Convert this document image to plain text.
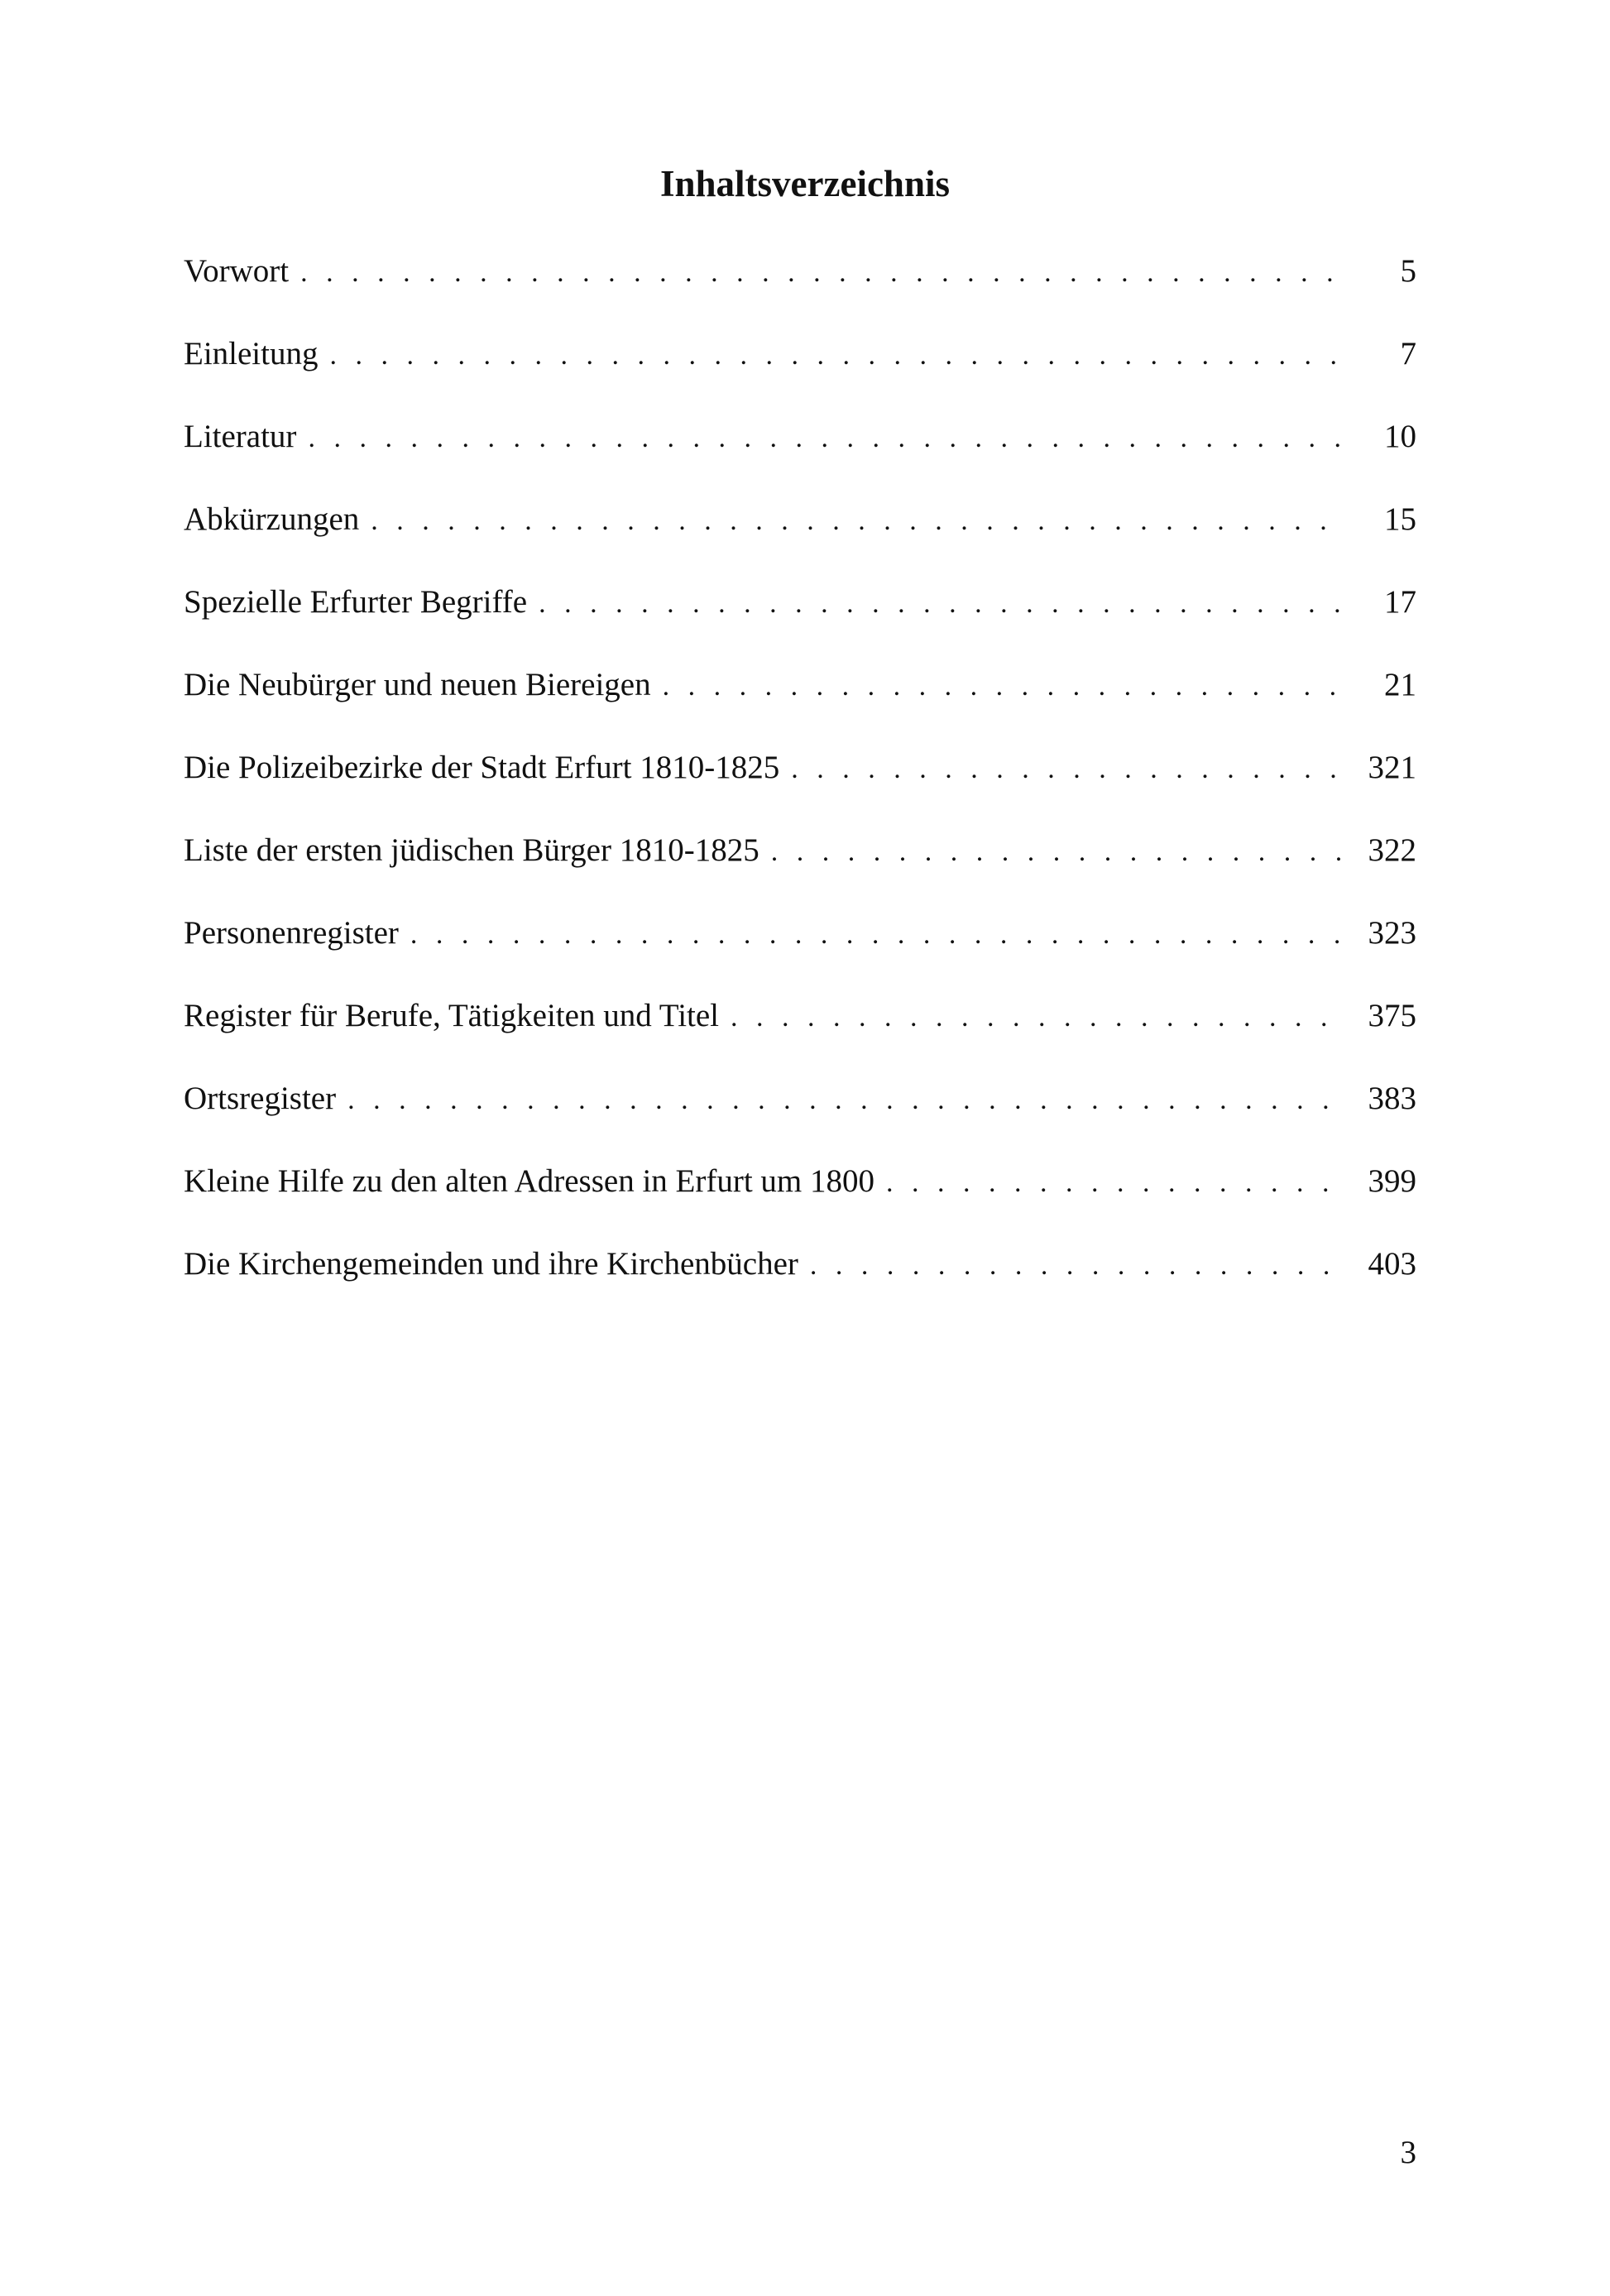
Inhaltsverzeichnis
Vorwort . . .	5
Einleitung . . .	7
Literatur . . .	10
Abkürzungen . . .	15
Spezielle Erfurter Begriffe . . .	17
Die Neubürger und neuen Biereigen . . .	21
Die Polizeibezirke der Stadt Erfurt 1810-1825 . . .	321
Liste der ersten jüdischen Bürger 1810-1825 . . .	322
Personenregister . . .	323
Register für Berufe, Tätigkeiten und Titel . . .	375
Ortsregister . . .	383
Kleine Hilfe zu den alten Adressen in Erfurt um 1800 . . .	399
Die Kirchengemeinden und ihre Kirchenbücher . . .	403
3
